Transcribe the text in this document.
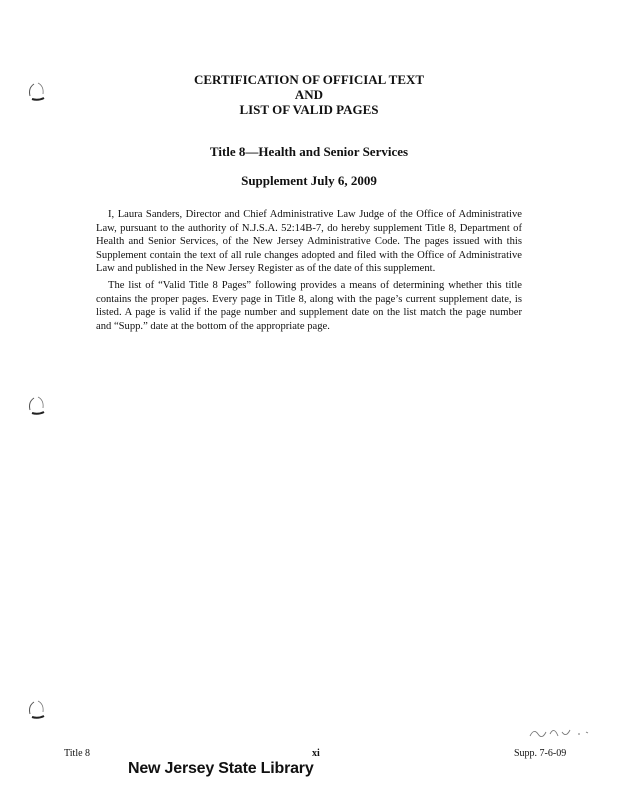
CERTIFICATION OF OFFICIAL TEXT
AND
LIST OF VALID PAGES
Title 8—Health and Senior Services
Supplement July 6, 2009

I, Laura Sanders, Director and Chief Administrative Law Judge of the Office of Administrative Law, pursuant to the authority of N.J.S.A. 52:14B-7, do hereby supplement Title 8, Department of Health and Senior Services, of the New Jersey Administrative Code. The pages issued with this Supplement contain the text of all rule changes adopted and filed with the Office of Administrative Law and published in the New Jersey Register as of the date of this supplement.

The list of “Valid Title 8 Pages” following provides a means of determining whether this title contains the proper pages. Every page in Title 8, along with the page’s current supplement date, is listed. A page is valid if the page number and supplement date on the list match the page number and “Supp.” date at the bottom of the appropriate page.

Title 8	xi	Supp. 7-6-09
New Jersey State Library
